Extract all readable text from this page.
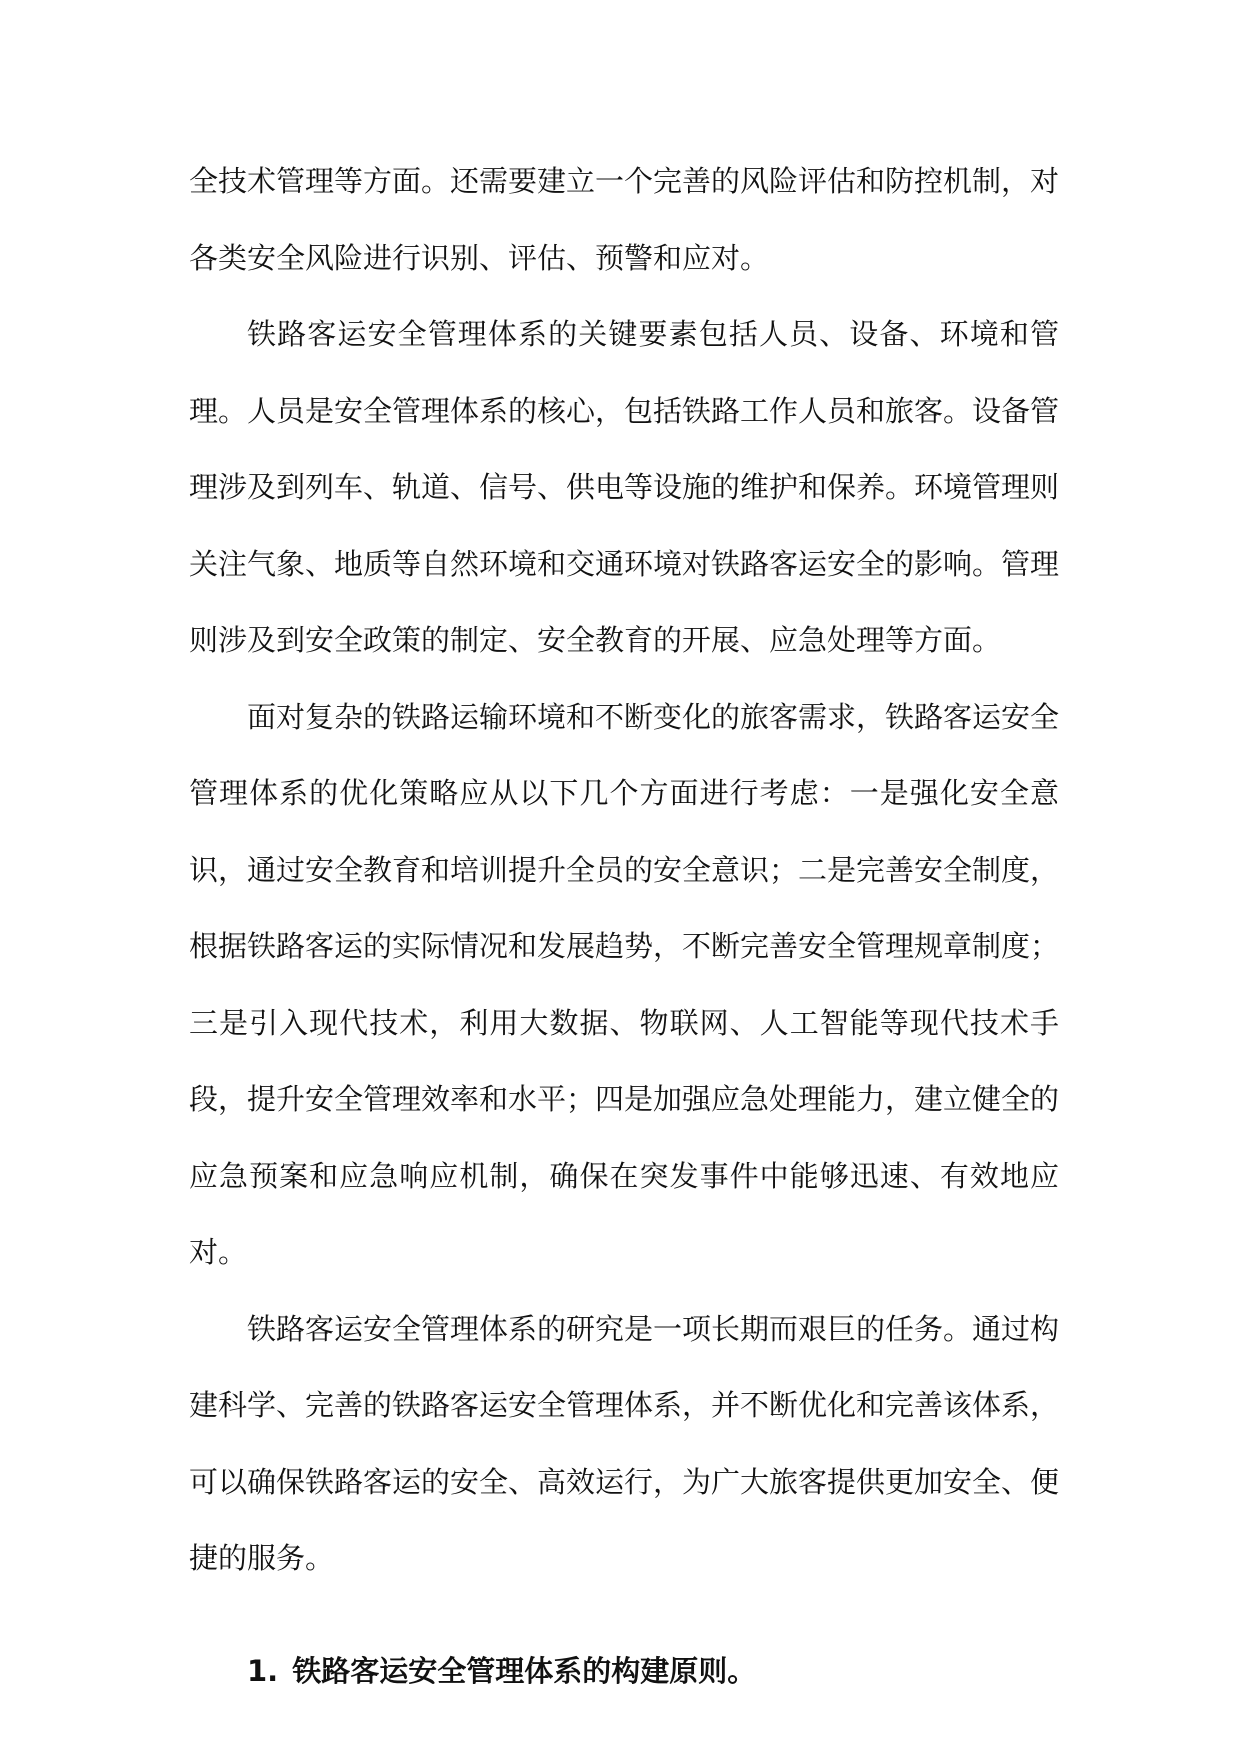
全技术管理等方面。还需要建立一个完善的风险评估和防控机制，对各类安全风险进行识别、评估、预警和应对。

铁路客运安全管理体系的关键要素包括人员、设备、环境和管理。人员是安全管理体系的核心，包括铁路工作人员和旅客。设备管理涉及到列车、轨道、信号、供电等设施的维护和保养。环境管理则关注气象、地质等自然环境和交通环境对铁路客运安全的影响。管理则涉及到安全政策的制定、安全教育的开展、应急处理等方面。

面对复杂的铁路运输环境和不断变化的旅客需求，铁路客运安全管理体系的优化策略应从以下几个方面进行考虑：一是强化安全意识，通过安全教育和培训提升全员的安全意识；二是完善安全制度，根据铁路客运的实际情况和发展趋势，不断完善安全管理规章制度；三是引入现代技术，利用大数据、物联网、人工智能等现代技术手段，提升安全管理效率和水平；四是加强应急处理能力，建立健全的应急预案和应急响应机制，确保在突发事件中能够迅速、有效地应对。

铁路客运安全管理体系的研究是一项长期而艰巨的任务。通过构建科学、完善的铁路客运安全管理体系，并不断优化和完善该体系，可以确保铁路客运的安全、高效运行，为广大旅客提供更加安全、便捷的服务。

1. 铁路客运安全管理体系的构建原则。
